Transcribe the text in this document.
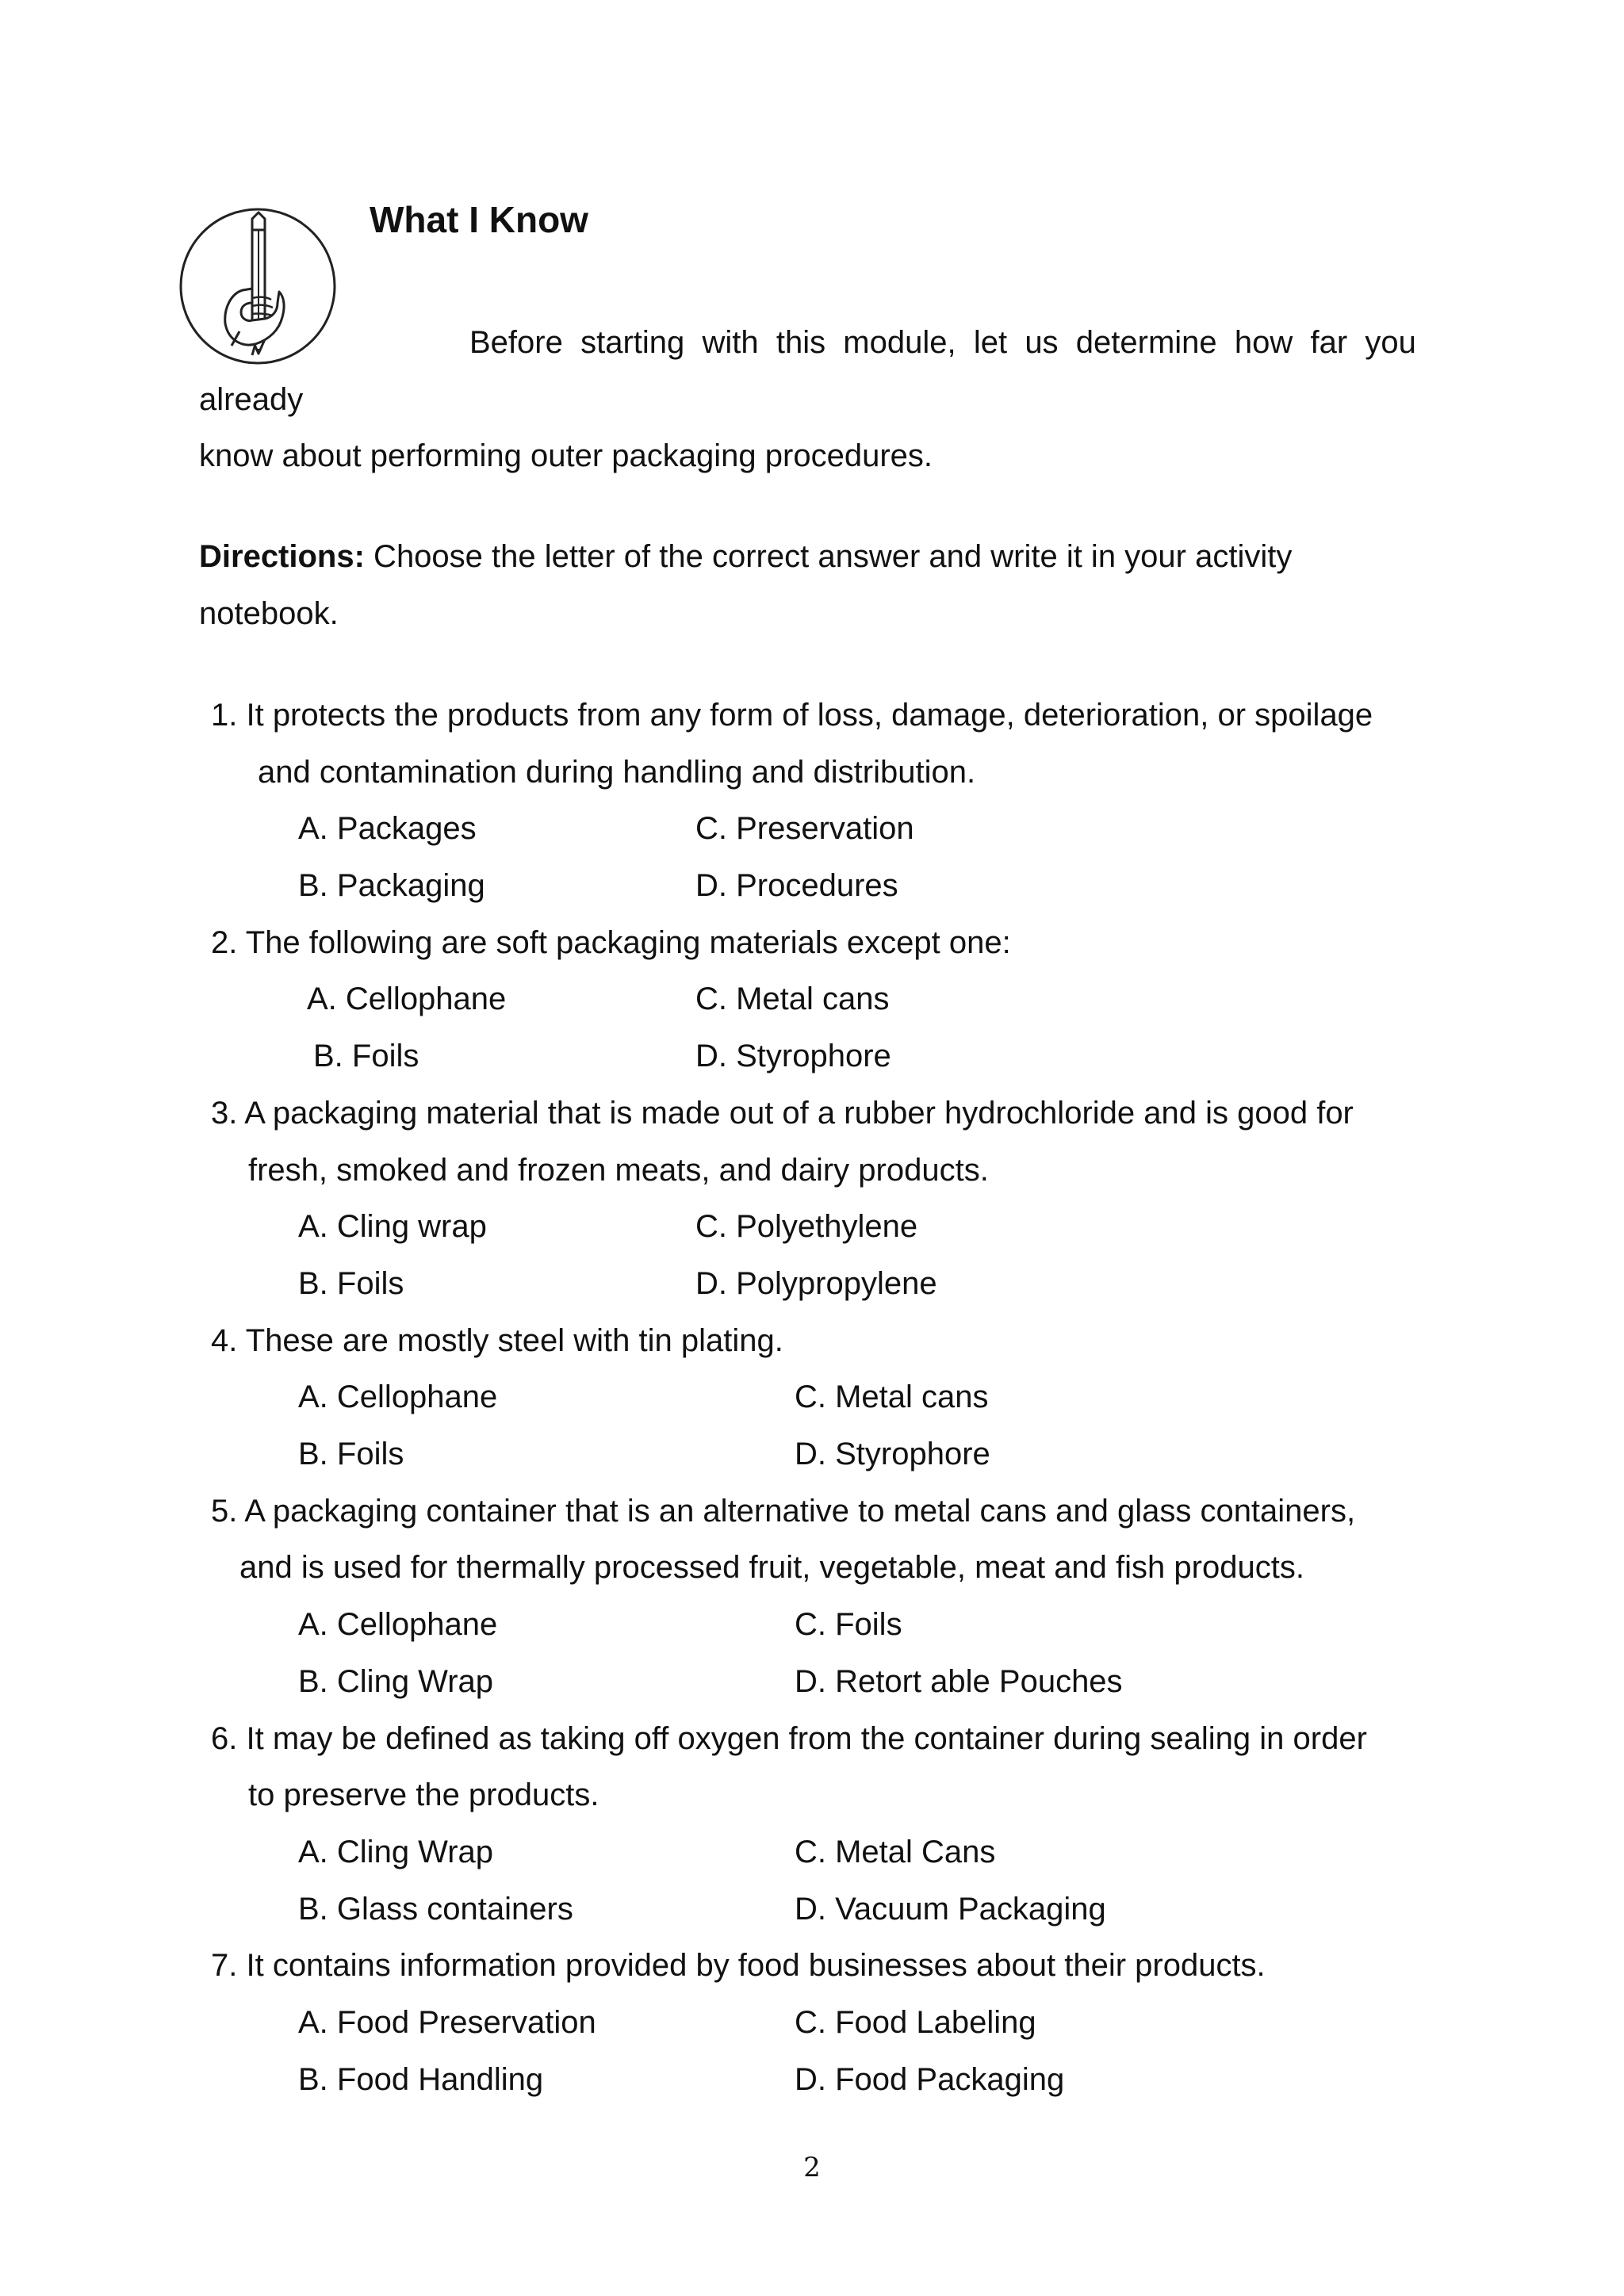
What I Know
Before  starting  with  this  module,  let  us  determine  how  far  you
already
know about performing outer packaging procedures.
Directions: Choose the letter of the correct answer and write it in your activity
notebook.
1. It protects the products from any form of loss, damage, deterioration, or spoilage
and contamination during handling and distribution.
A. Packages
B. Packaging
C. Preservation
D. Procedures
2. The following are soft packaging materials except one:
A. Cellophane
B. Foils
C. Metal cans
D. Styrophore
3. A packaging material that is made out of a rubber hydrochloride and is good for
fresh, smoked and frozen meats, and dairy products.
A. Cling wrap
B. Foils
C. Polyethylene
D. Polypropylene
4. These are mostly steel with tin plating.
A. Cellophane
B. Foils
C. Metal cans
D. Styrophore
5. A packaging container that is an alternative to metal cans and glass containers,
and is used for thermally processed fruit, vegetable, meat and fish products.
A. Cellophane
B. Cling Wrap
C. Foils
D. Retort able Pouches
6. It may be defined as taking off oxygen from the container during sealing in order
to preserve the products.
A. Cling Wrap
B. Glass containers
C. Metal Cans
D. Vacuum Packaging
7. It contains information provided by food businesses about their products.
A. Food Preservation
B. Food Handling
C. Food Labeling
D. Food Packaging
2
